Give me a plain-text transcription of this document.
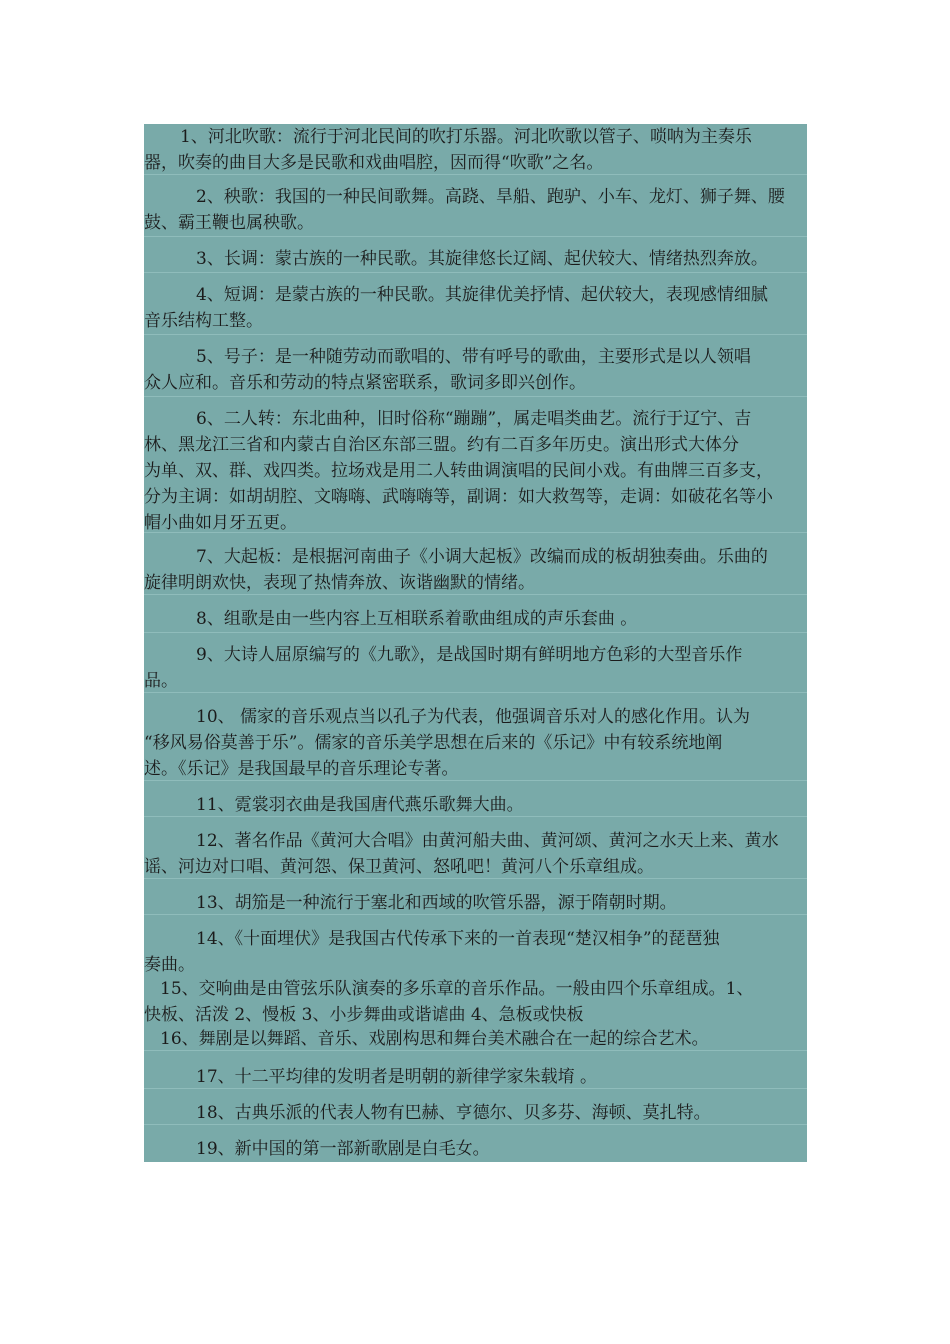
1、河北吹歌：流行于河北民间的吹打乐器。河北吹歌以管子、唢呐为主奏乐
器，吹奏的曲目大多是民歌和戏曲唱腔，因而得“吹歌”之名。
2、秧歌：我国的一种民间歌舞。高跷、旱船、跑驴、小车、龙灯、狮子舞、腰
鼓、霸王鞭也属秧歌。
3、长调：蒙古族的一种民歌。其旋律悠长辽阔、起伏较大、情绪热烈奔放。
4、短调：是蒙古族的一种民歌。其旋律优美抒情、起伏较大，表现感情细腻
音乐结构工整。
5、号子：是一种随劳动而歌唱的、带有呼号的歌曲，主要形式是以人领唱
众人应和。音乐和劳动的特点紧密联系，歌词多即兴创作。
6、二人转：东北曲种，旧时俗称“蹦蹦”，属走唱类曲艺。流行于辽宁、吉
林、黑龙江三省和内蒙古自治区东部三盟。约有二百多年历史。演出形式大体分
为单、双、群、戏四类。拉场戏是用二人转曲调演唱的民间小戏。有曲牌三百多支，
分为主调：如胡胡腔、文嗨嗨、武嗨嗨等，副调：如大救驾等，走调：如破花名等小
帽小曲如月牙五更。
7、大起板：是根据河南曲子《小调大起板》改编而成的板胡独奏曲。乐曲的
旋律明朗欢快，表现了热情奔放、诙谐幽默的情绪。
8、组歌是由一些内容上互相联系着歌曲组成的声乐套曲 。
9、大诗人屈原编写的《九歌》，是战国时期有鲜明地方色彩的大型音乐作
品。
10、 儒家的音乐观点当以孔子为代表，他强调音乐对人的感化作用。认为
“移风易俗莫善于乐”。儒家的音乐美学思想在后来的《乐记》中有较系统地阐
述。《乐记》是我国最早的音乐理论专著。
11、霓裳羽衣曲是我国唐代燕乐歌舞大曲。
12、著名作品《黄河大合唱》由黄河船夫曲、黄河颂、黄河之水天上来、黄水
谣、河边对口唱、黄河怨、保卫黄河、怒吼吧！黄河八个乐章组成。
13、胡笳是一种流行于塞北和西域的吹管乐器，源于隋朝时期。
14、《十面埋伏》是我国古代传承下来的一首表现“楚汉相争”的琵琶独
奏曲。
15、交响曲是由管弦乐队演奏的多乐章的音乐作品。一般由四个乐章组成。1、
快板、活泼 2、慢板 3、小步舞曲或谐谑曲 4、急板或快板
16、舞剧是以舞蹈、音乐、戏剧构思和舞台美术融合在一起的综合艺术。
17、十二平均律的发明者是明朝的新律学家朱载堉 。
18、古典乐派的代表人物有巴赫、亨德尔、贝多芬、海顿、莫扎特。
19、新中国的第一部新歌剧是白毛女。
